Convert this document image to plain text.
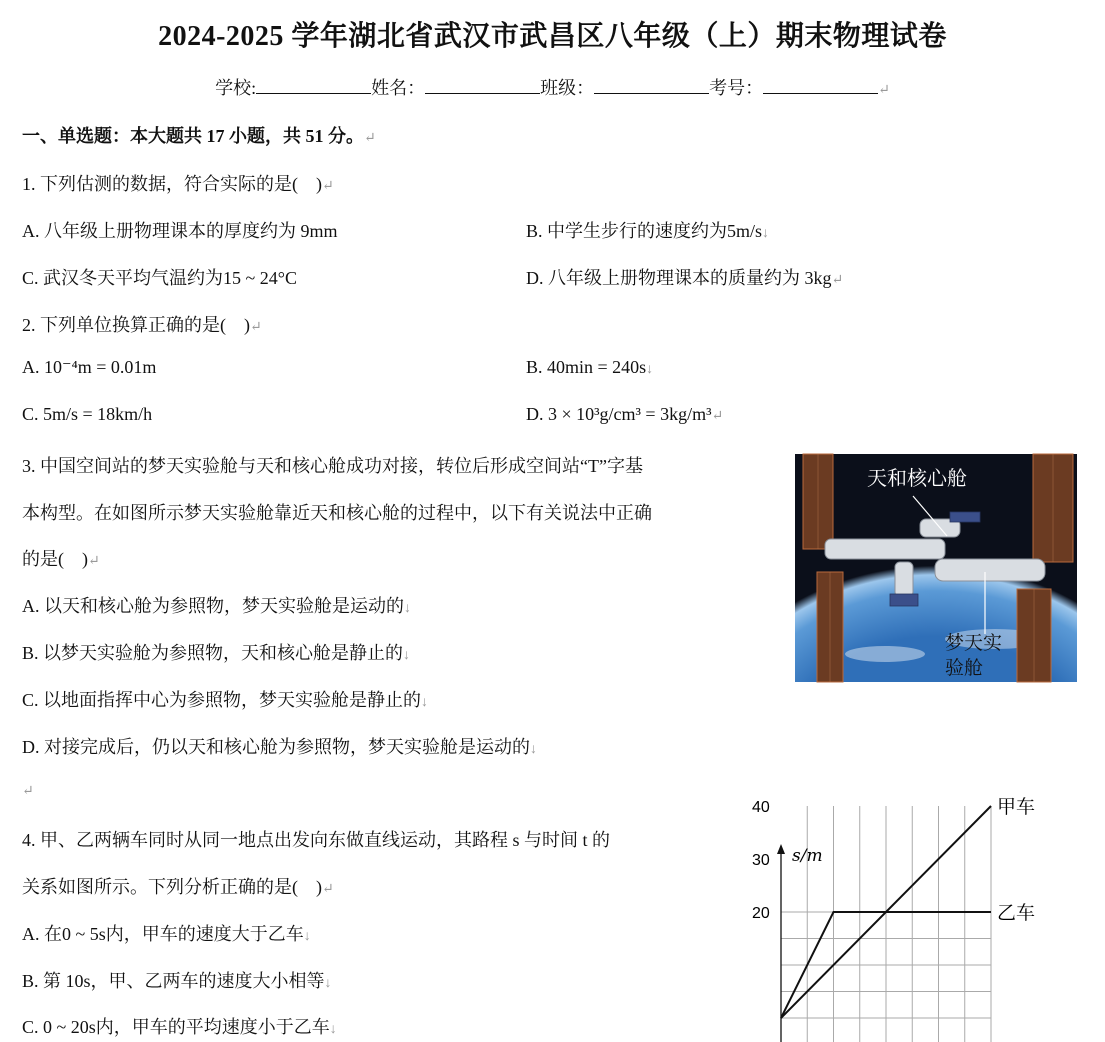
2024-2025 学年湖北省武汉市武昌区八年级（上）期末物理试卷
学校:	姓名：	班级：	考号：	↵
一、单选题：本大题共 17 小题，共 51 分。↵
1. 下列估测的数据，符合实际的是(　)↵
A. 八年级上册物理课本的厚度约为 9mm	B. 中学生步行的速度约为5m/s↓
C. 武汉冬天平均气温约为15 ~ 24°C	D. 八年级上册物理课本的质量约为 3kg↵
2. 下列单位换算正确的是(　)↵
A. 10⁻⁴m = 0.01m	B. 40min = 240s↓
C. 5m/s = 18km/h	D. 3 × 10³g/cm³ = 3kg/m³↵
3. 中国空间站的梦天实验舱与天和核心舱成功对接，转位后形成空间站“T”字基
本构型。在如图所示梦天实验舱靠近天和核心舱的过程中，以下有关说法中正确
的是(　)↵
A. 以天和核心舱为参照物，梦天实验舱是运动的↓
B. 以梦天实验舱为参照物，天和核心舱是静止的↓
C. 以地面指挥中心为参照物，梦天实验舱是静止的↓
D. 对接完成后，仍以天和核心舱为参照物，梦天实验舱是运动的↓
↵
天和核心舱
梦天实
验舱
4. 甲、乙两辆车同时从同一地点出发向东做直线运动，其路程 s 与时间 t 的
关系如图所示。下列分析正确的是(　)↵
A. 在0 ~ 5s内，甲车的速度大于乙车↓
B. 第 10s，甲、乙两车的速度大小相等↓
C. 0 ~ 20s内，甲车的平均速度小于乙车↓
s/m
20
30
40	甲车
乙车
